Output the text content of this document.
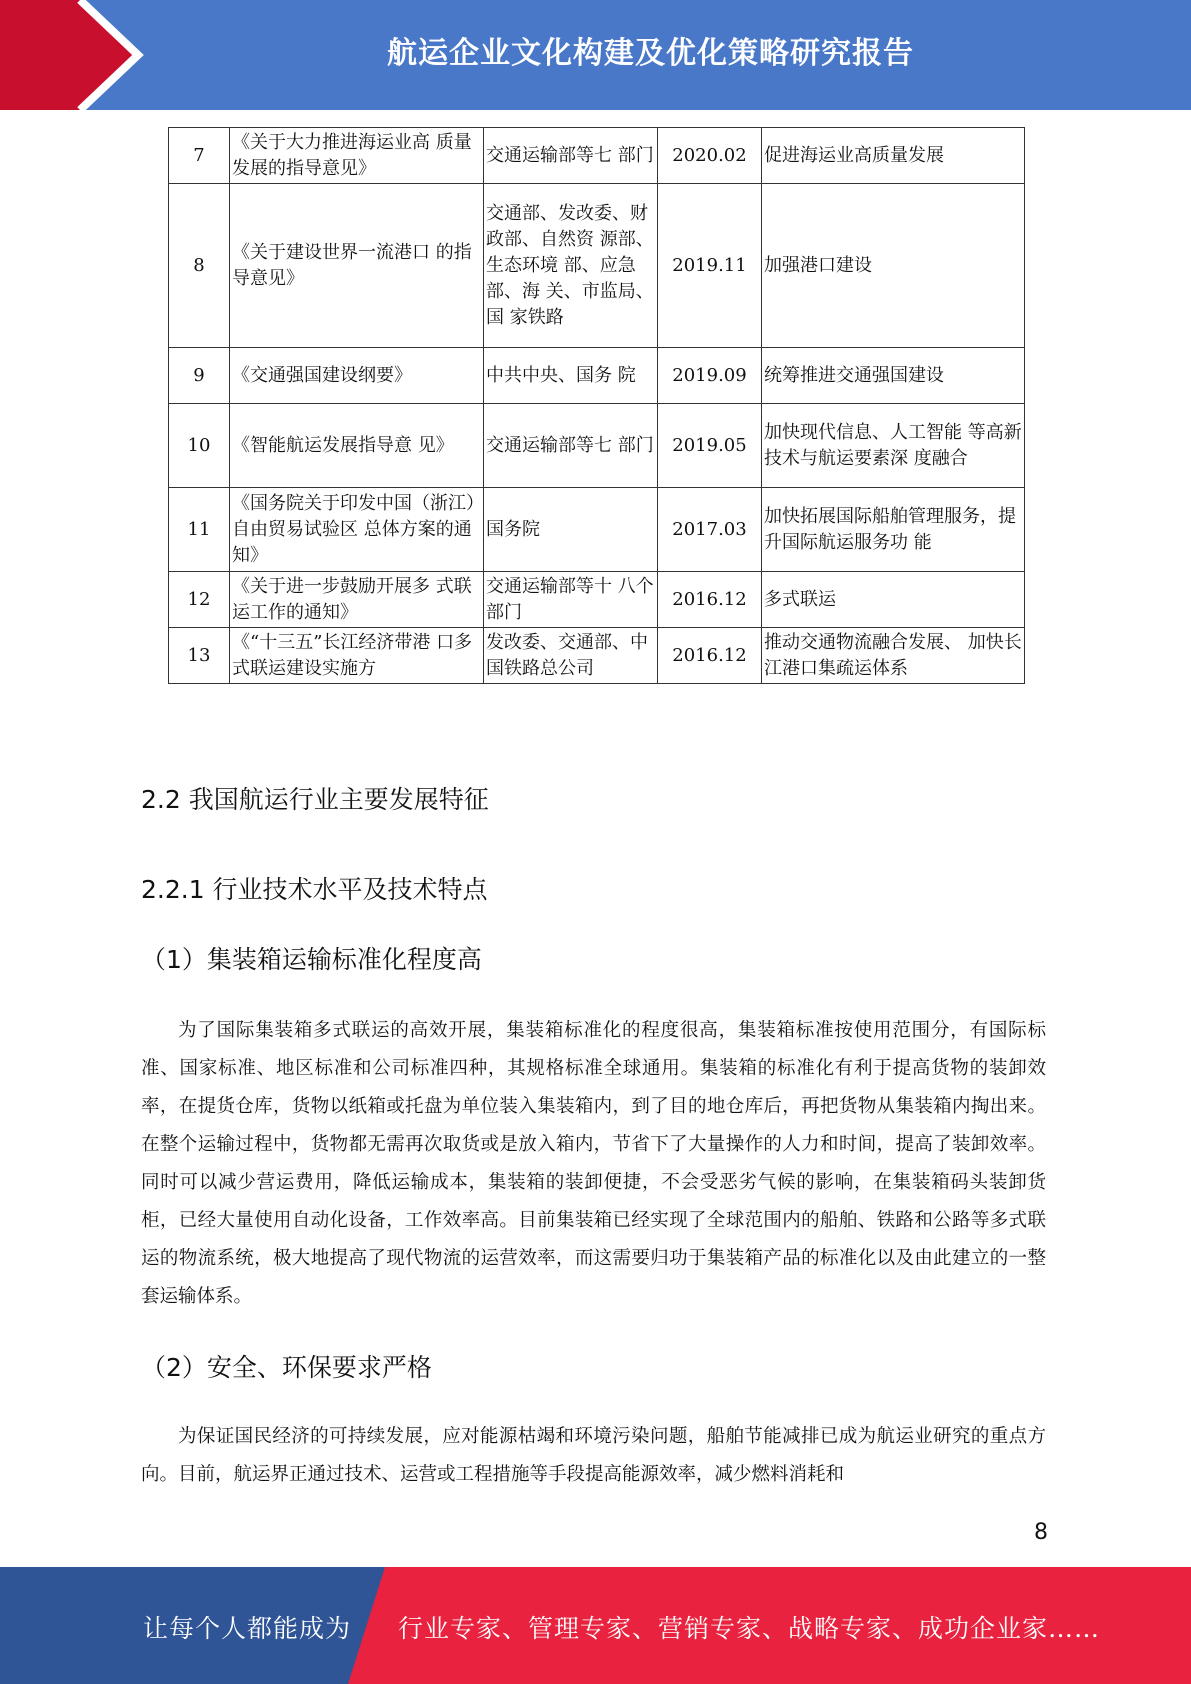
航运企业文化构建及优化策略研究报告
7	《关于大力推进海运业高 质量发展的指导意见》	交通运输部等七 部门	2020.02	促进海运业高质量发展
8	《关于建设世界一流港口 的指导意见》	交通部、发改委、财政部、自然资 源部、生态环境 部、应急部、海 关、市监局、国 家铁路	2019.11	加强港口建设
9	《交通强国建设纲要》	中共中央、国务 院	2019.09	统筹推进交通强国建设
10	《智能航运发展指导意 见》	交通运输部等七 部门	2019.05	加快现代信息、人工智能 等高新技术与航运要素深 度融合
11	《国务院关于印发中国（浙江）自由贸易试验区 总体方案的通知》	国务院	2017.03	加快拓展国际船舶管理服务，提升国际航运服务功 能
12	《关于进一步鼓励开展多 式联运工作的通知》	交通运输部等十 八个部门	2016.12	多式联运
13	《“十三五”长江经济带港 口多式联运建设实施方	发改委、交通部、中国铁路总公司	2016.12	推动交通物流融合发展、 加快长江港口集疏运体系
2.2 我国航运行业主要发展特征
2.2.1 行业技术水平及技术特点
（1）集装箱运输标准化程度高

为了国际集装箱多式联运的高效开展，集装箱标准化的程度很高，集装箱标准按使用范围分，有国际标准、国家标准、地区标准和公司标准四种，其规格标准全球通用。集装箱的标准化有利于提高货物的装卸效率，在提货仓库，货物以纸箱或托盘为单位装入集装箱内，到了目的地仓库后，再把货物从集装箱内掏出来。在整个运输过程中，货物都无需再次取货或是放入箱内，节省下了大量操作的人力和时间，提高了装卸效率。同时可以减少营运费用，降低运输成本，集装箱的装卸便捷，不会受恶劣气候的影响，在集装箱码头装卸货柜，已经大量使用自动化设备，工作效率高。目前集装箱已经实现了全球范围内的船舶、铁路和公路等多式联运的物流系统，极大地提高了现代物流的运营效率，而这需要归功于集装箱产品的标准化以及由此建立的一整套运输体系。

（2）安全、环保要求严格

为保证国民经济的可持续发展，应对能源枯竭和环境污染问题，船舶节能减排已成为航运业研究的重点方向。目前，航运界正通过技术、运营或工程措施等手段提高能源效率，减少燃料消耗和

8
让每个人都能成为 行业专家、管理专家、营销专家、战略专家、成功企业家……
